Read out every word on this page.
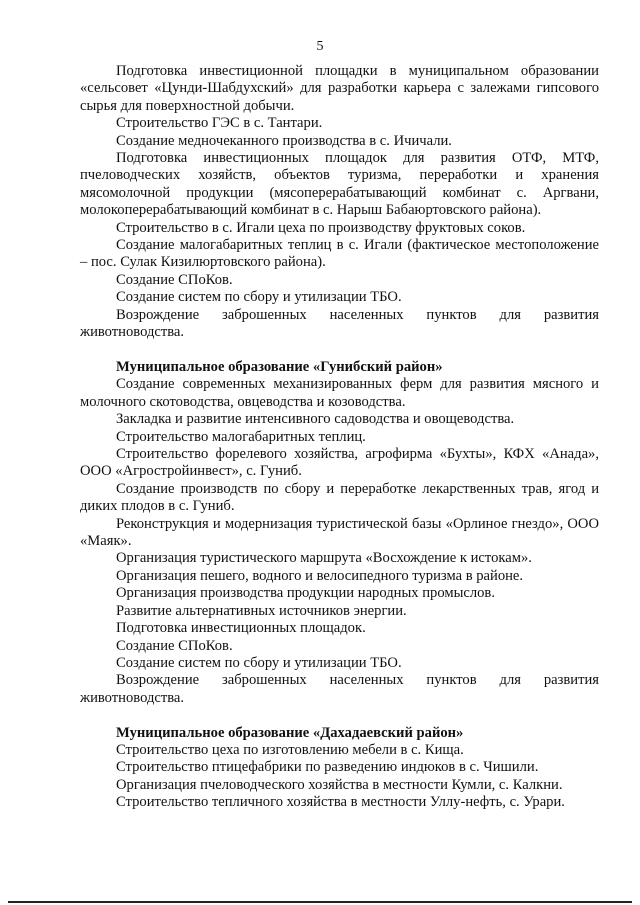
5

Подготовка инвестиционной площадки в муниципальном образовании «сельсовет «Цунди-Шабдухский» для разработки карьера с залежами гипсового сырья для поверхностной добычи.

Строительство ГЭС в с. Тантари.

Создание медночеканного производства в с. Ичичали.

Подготовка инвестиционных площадок для развития ОТФ, МТФ, пчеловодческих хозяйств, объектов туризма, переработки и хранения мясомолочной продукции (мясоперерабатывающий комбинат с. Аргвани, молокоперерабатывающий комбинат в с. Нарыш Бабаюртовского района).

Строительство в с. Игали цеха по производству фруктовых соков.

Создание малогабаритных теплиц в с. Игали (фактическое местоположение – пос. Сулак Кизилюртовского района).

Создание СПоКов.

Создание систем по сбору и утилизации ТБО.

Возрождение заброшенных населенных пунктов для развития животноводства.

Муниципальное образование «Гунибский район»

Создание современных механизированных ферм для развития мясного и молочного скотоводства, овцеводства и козоводства.

Закладка и развитие интенсивного садоводства и овощеводства.

Строительство малогабаритных теплиц.

Строительство форелевого хозяйства, агрофирма «Бухты», КФХ «Анада», ООО «Агростройинвест», с. Гуниб.

Создание производств по сбору и переработке лекарственных трав, ягод и диких плодов в с. Гуниб.

Реконструкция и модернизация туристической базы «Орлиное гнездо», ООО «Маяк».

Организация туристического маршрута «Восхождение к истокам».

Организация пешего, водного и велосипедного туризма в районе.

Организация производства продукции народных промыслов.

Развитие альтернативных источников энергии.

Подготовка инвестиционных площадок.

Создание СПоКов.

Создание систем по сбору и утилизации ТБО.

Возрождение заброшенных населенных пунктов для развития животноводства.

Муниципальное образование «Дахадаевский район»

Строительство цеха по изготовлению мебели в с. Кища.

Строительство птицефабрики по разведению индюков в с. Чишили.

Организация пчеловодческого хозяйства в местности Кумли, с. Калкни.

Строительство тепличного хозяйства в местности Уллу-нефть, с. Урари.
